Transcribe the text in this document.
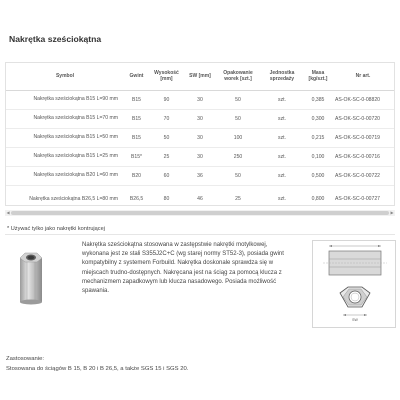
Nakrętka sześciokątna
Symbol	Gwint	Wysokość [mm]	SW [mm]	Opakowanie worek [szt.]	Jednostka sprzedaży	Masa [kg/szt.]	Nr art.
Nakrętka sześciokątna B15 L=90 mm	B15	90	30	50	szt.	0,385	AS-OK-SC-0-08820
Nakrętka sześciokątna B15 L=70 mm	B15	70	30	50	szt.	0,300	AS-OK-SC-0-00720
Nakrętka sześciokątna B15 L=50 mm	B15	50	30	100	szt.	0,215	AS-OK-SC-0-00719
Nakrętka sześciokątna B15 L=25 mm	B15*	25	30	250	szt.	0,100	AS-OK-SC-0-00716
Nakrętka sześciokątna B20 L=60 mm	B20	60	36	50	szt.	0,500	AS-OK-SC-0-00722
Nakrętka sześciokątna B26,5 L=80 mm	B26,5	80	46	25	szt.	0,800	AS-OK-SC-0-00727
◀	▶
* Używać tylko jako nakrętki kontrującej
Nakrętka sześciokątna stosowana w zastępstwie nakrętki motylkowej, wykonana jest ze stali S355J2C+C (wg starej normy ST52-3), posiada gwint kompatybilny z systemem Forbuild. Nakrętka doskonale sprawdza się w miejscach trudno-dostępnych. Nakręcana jest na ściąg za pomocą klucza z mechanizmem zapadkowym lub klucza nasadowego. Posiada możliwość spawania.
SW
Zastosowanie:
Stosowana do ściągów B 15, B 20 i B 26,5, a także SGS 15 i SGS 20.
